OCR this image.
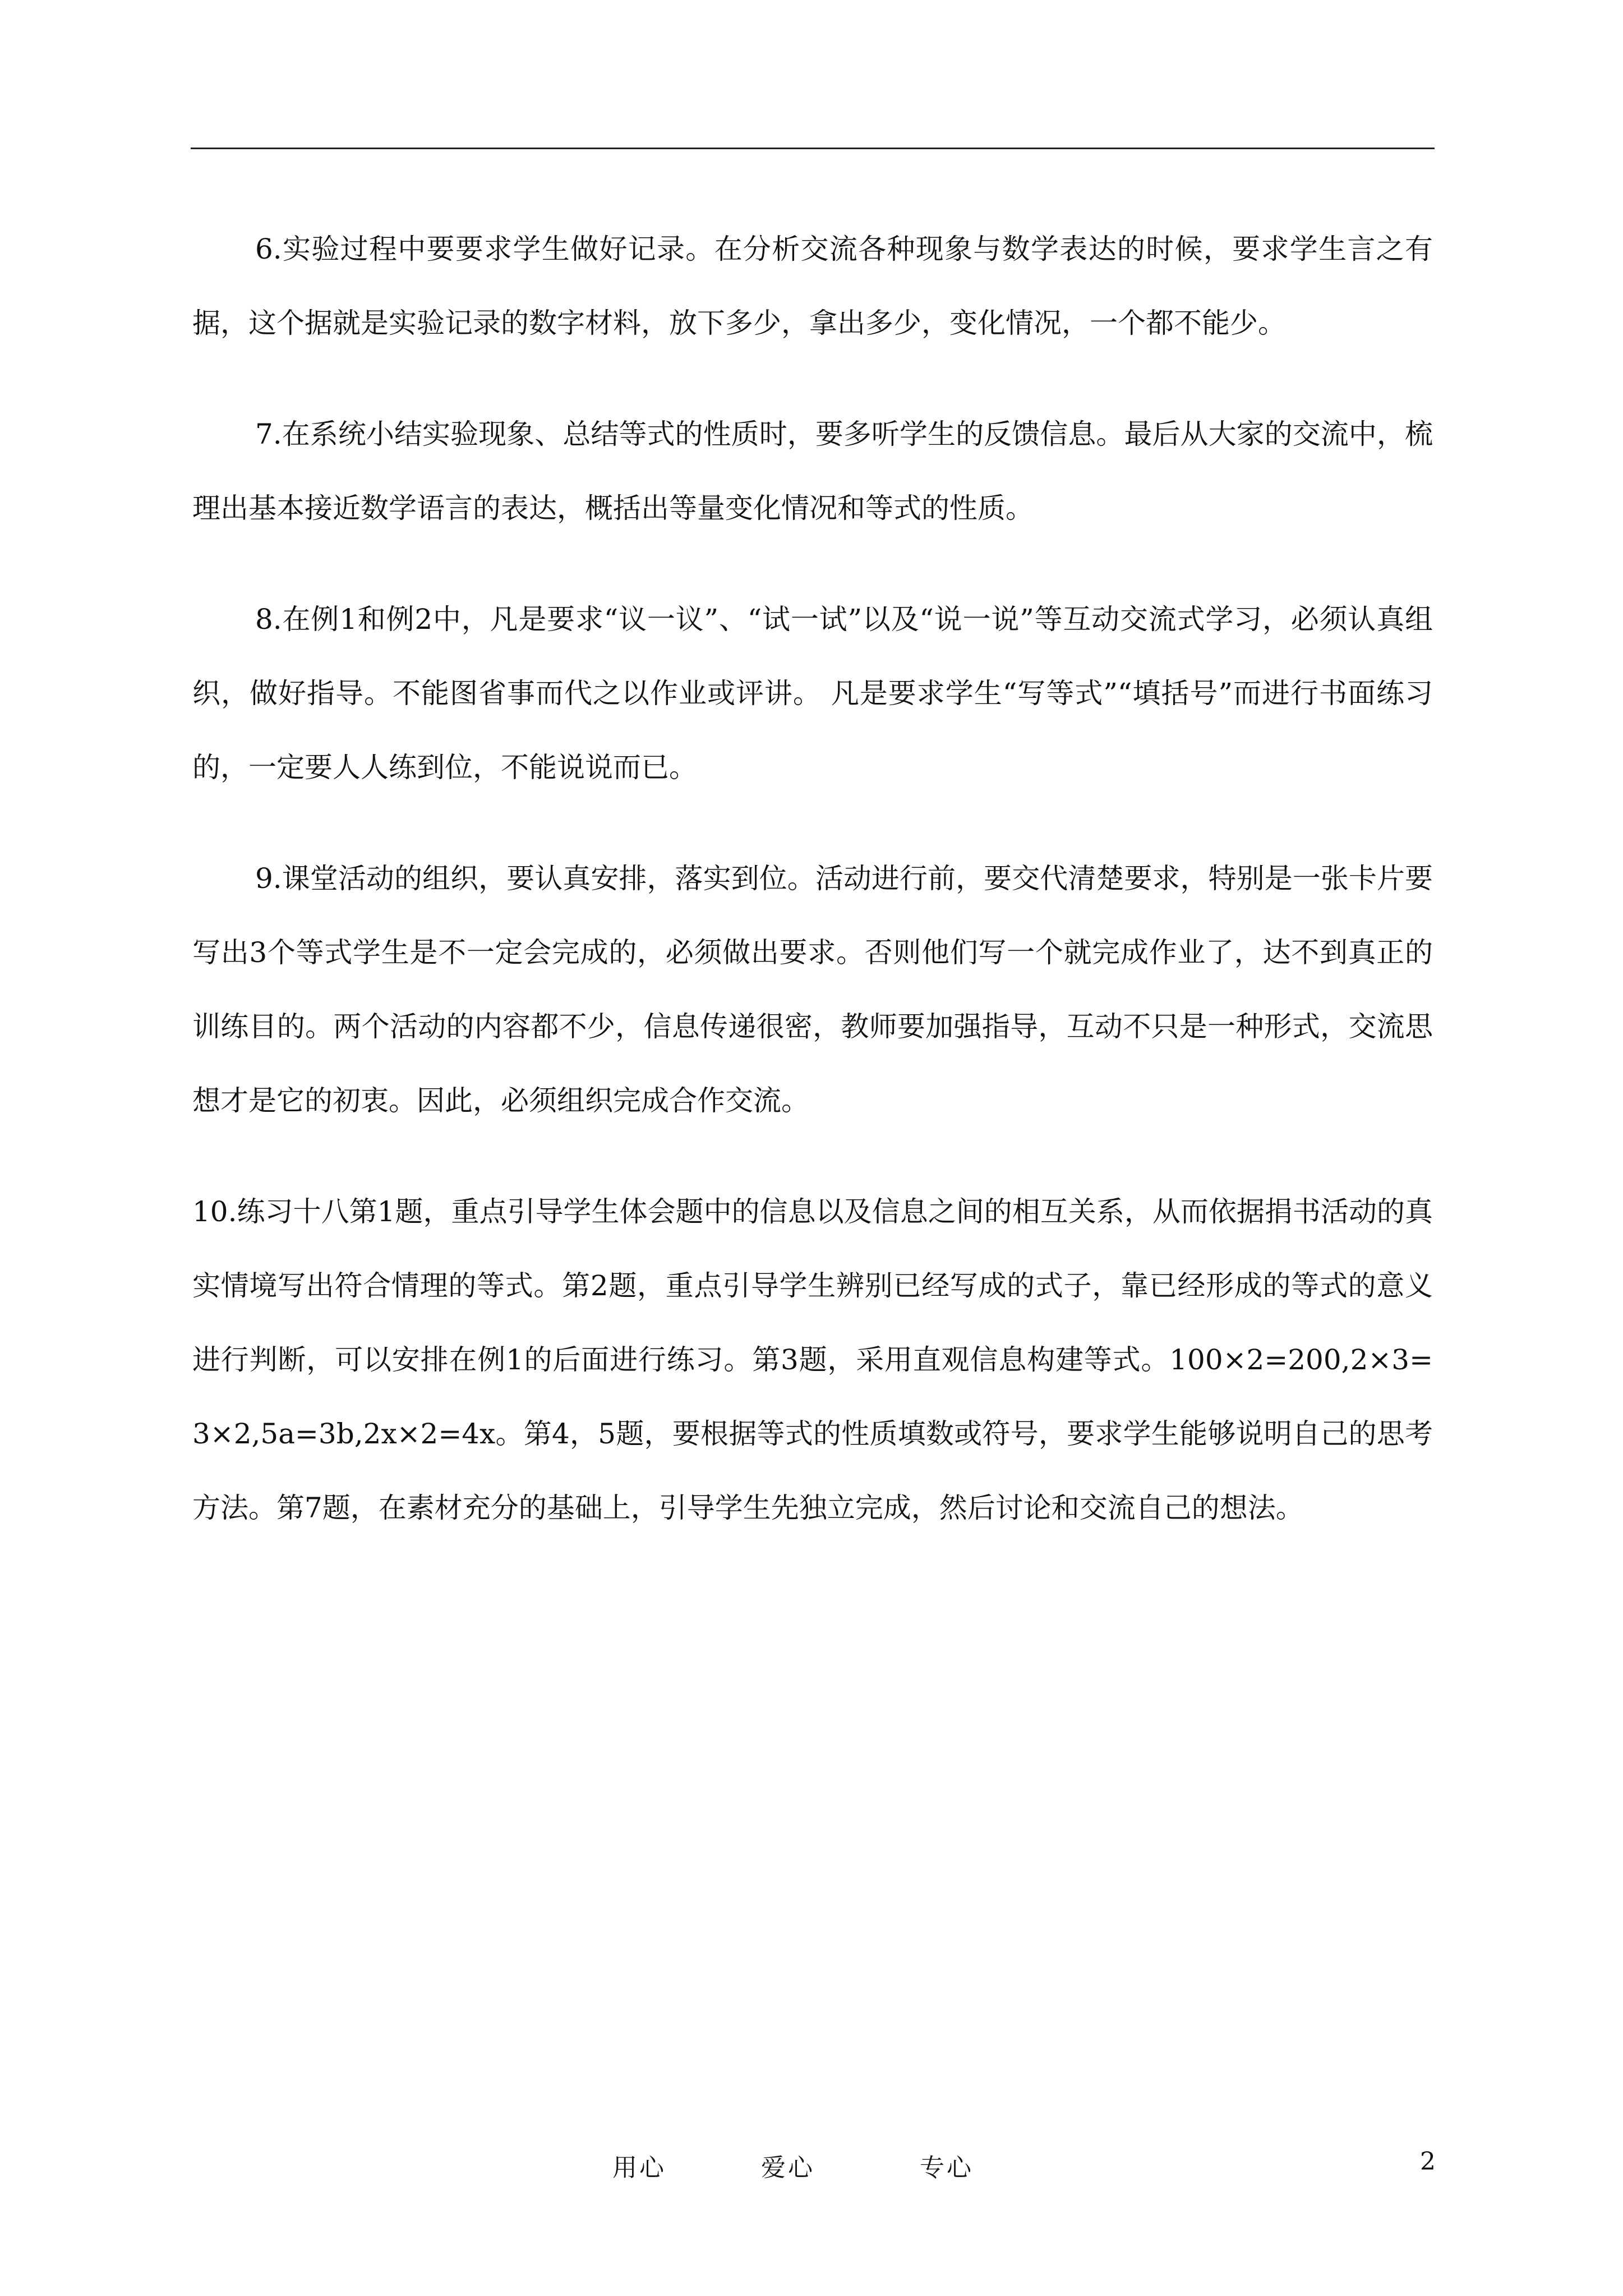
6.实验过程中要要求学生做好记录。在分析交流各种现象与数学表达的时候，要求学生言之有据，这个据就是实验记录的数字材料，放下多少，拿出多少，变化情况，一个都不能少。

7.在系统小结实验现象、总结等式的性质时，要多听学生的反馈信息。最后从大家的交流中，梳理出基本接近数学语言的表达，概括出等量变化情况和等式的性质。

8.在例1和例2中，凡是要求“议一议”、“试一试”以及“说一说”等互动交流式学习，必须认真组织，做好指导。不能图省事而代之以作业或评讲。 凡是要求学生“写等式”“填括号”而进行书面练习的，一定要人人练到位，不能说说而已。

9.课堂活动的组织，要认真安排，落实到位。活动进行前，要交代清楚要求，特别是一张卡片要写出3个等式学生是不一定会完成的，必须做出要求。否则他们写一个就完成作业了，达不到真正的训练目的。两个活动的内容都不少，信息传递很密，教师要加强指导，互动不只是一种形式，交流思想才是它的初衷。因此，必须组织完成合作交流。

10.练习十八第1题，重点引导学生体会题中的信息以及信息之间的相互关系，从而依据捐书活动的真实情境写出符合情理的等式。第2题，重点引导学生辨别已经写成的式子，靠已经形成的等式的意义进行判断，可以安排在例1的后面进行练习。第3题，采用直观信息构建等式。100×2=200,2×3=3×2,5a=3b,2x×2=4x。第4，5题，要根据等式的性质填数或符号，要求学生能够说明自己的思考方法。第7题，在素材充分的基础上，引导学生先独立完成，然后讨论和交流自己的想法。

用心	爱心	专心	2
